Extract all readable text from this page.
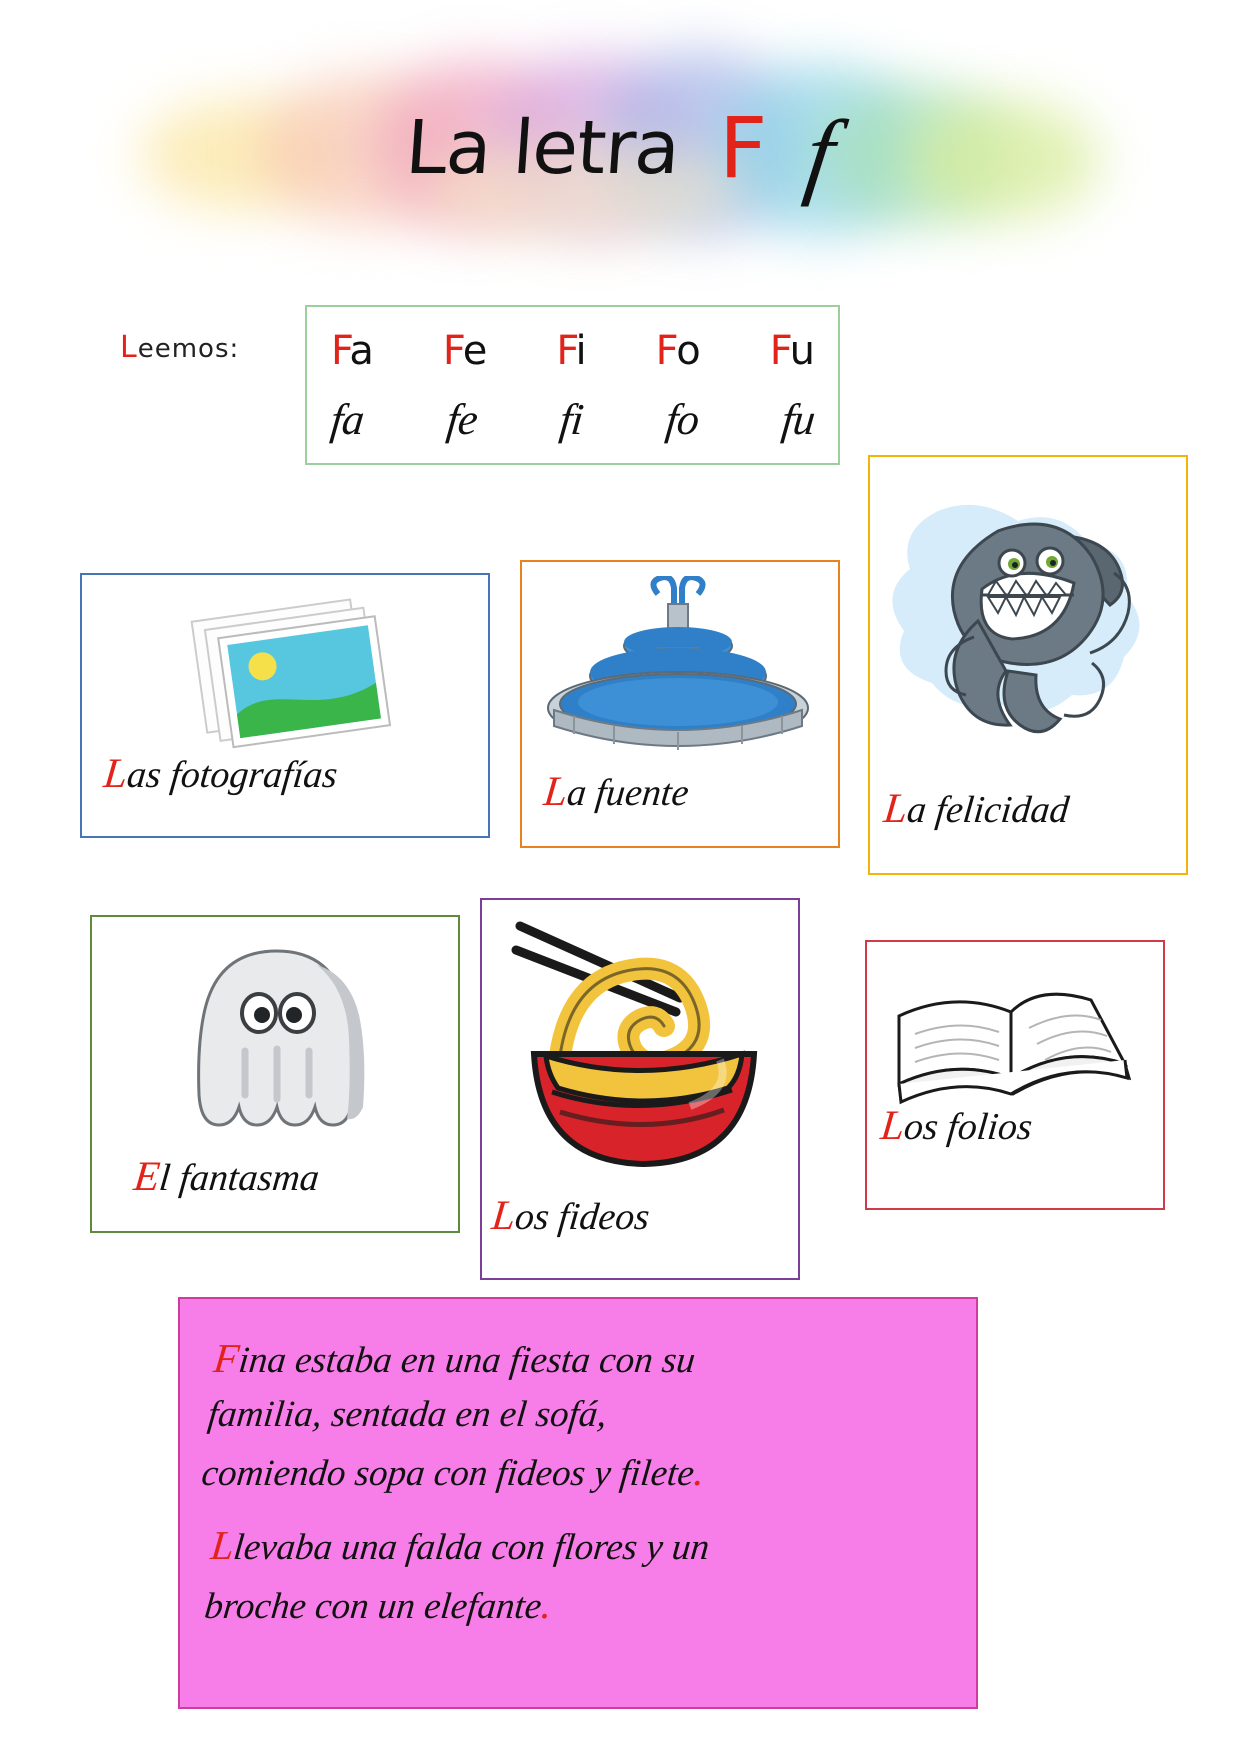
La letra F f
Leemos: Fa Fe Fi Fo Fu
fa fe fi fo fu
Las fotografías	La fuente	La felicidad
El fantasma
Los fideos
Los folios

Fina estaba en una fiesta con su
familia, sentada en el sofá,
comiendo sopa con fideos y filete.

Llevaba una falda con flores y un
broche con un elefante.
